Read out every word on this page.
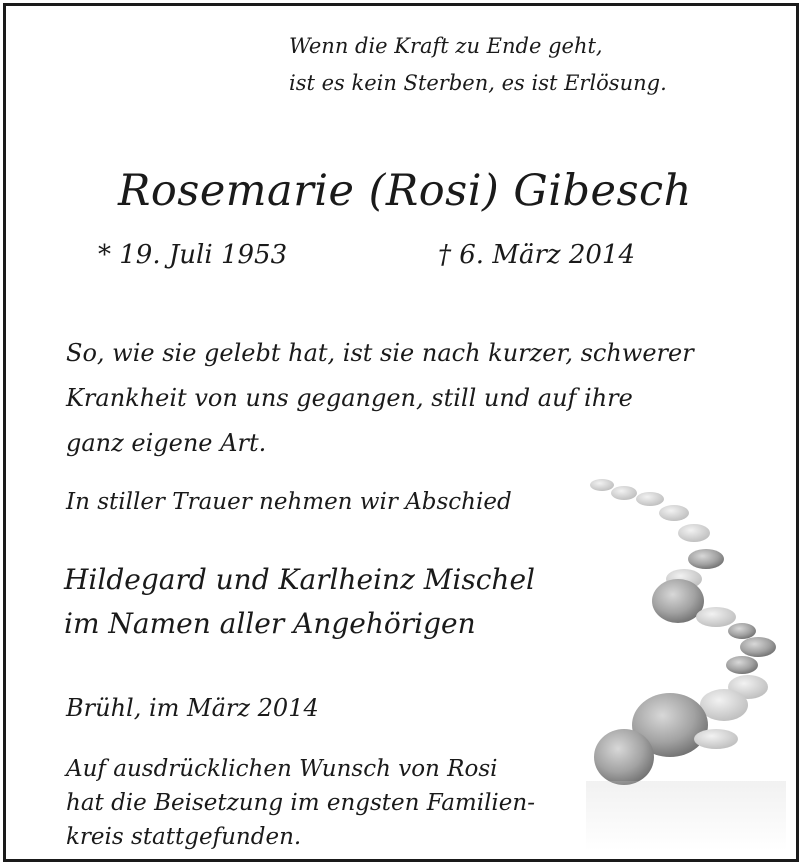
Wenn die Kraft zu Ende geht,
ist es kein Sterben, es ist Erlösung.
Rosemarie (Rosi) Gibesch
* 19. Juli 1953	† 6. März 2014
So, wie sie gelebt hat, ist sie nach kurzer, schwerer
Krankheit von uns gegangen, still und auf ihre
ganz eigene Art.
In stiller Trauer nehmen wir Abschied
Hildegard und Karlheinz Mischel
im Namen aller Angehörigen
Brühl, im März 2014
Auf ausdrücklichen Wunsch von Rosi
hat die Beisetzung im engsten Familien-
kreis stattgefunden.
